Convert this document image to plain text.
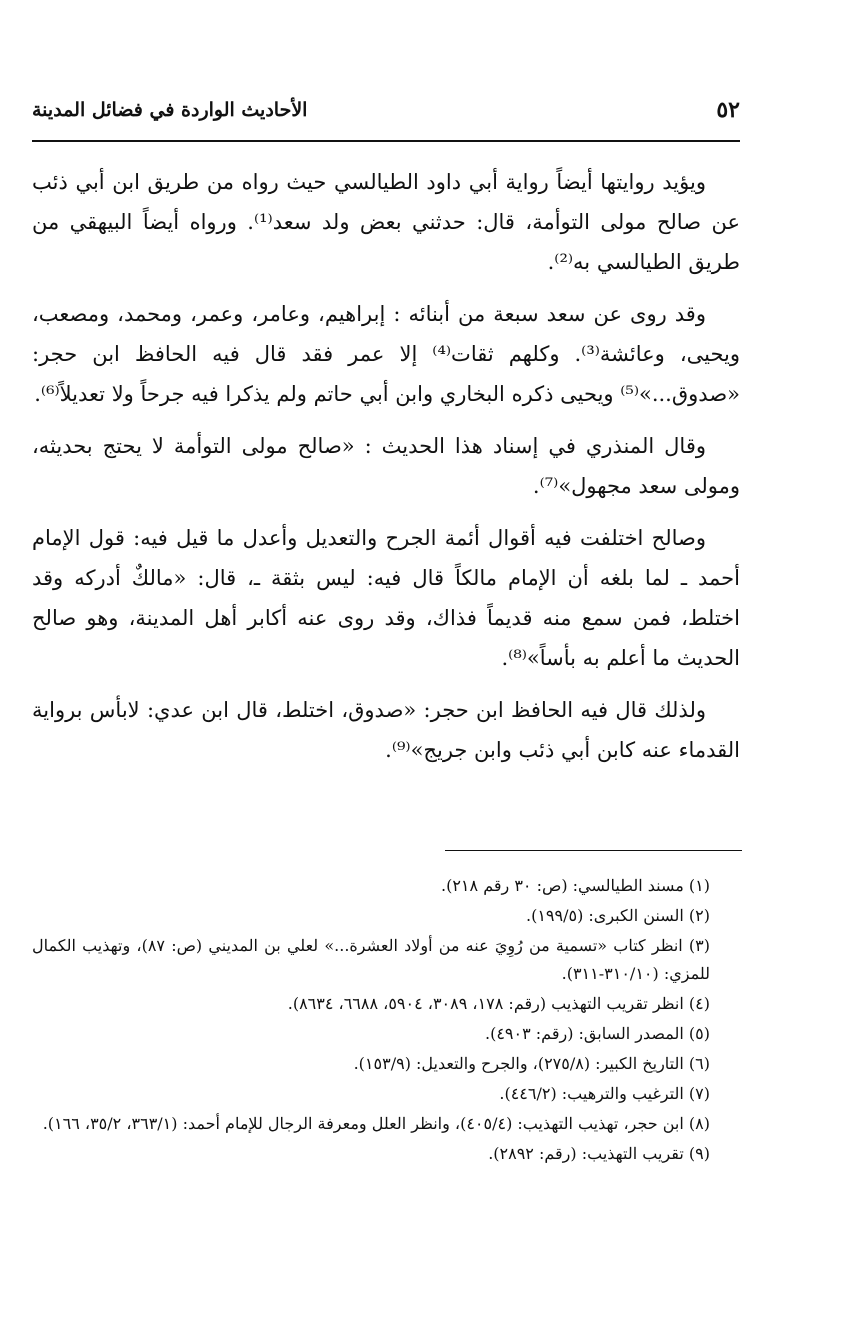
٥٢
الأحاديث الواردة في فضائل المدينة

ويؤيد روايتها أيضاً رواية أبي داود الطيالسي حيث رواه من طريق ابن أبي ذئب عن صالح مولى التوأمة، قال: حدثني بعض ولد سعد⁽¹⁾. ورواه أيضاً البيهقي من طريق الطيالسي به⁽²⁾.

وقد روى عن سعد سبعة من أبنائه : إبراهيم، وعامر، وعمر، ومحمد، ومصعب، ويحيى، وعائشة⁽³⁾. وكلهم ثقات⁽⁴⁾ إلا عمر فقد قال فيه الحافظ ابن حجر: «صدوق...»⁽⁵⁾ ويحيى ذكره البخاري وابن أبي حاتم ولم يذكرا فيه جرحاً ولا تعديلاً⁽⁶⁾.

وقال المنذري في إسناد هذا الحديث : «صالح مولى التوأمة لا يحتج بحديثه، ومولى سعد مجهول»⁽⁷⁾.

وصالح اختلفت فيه أقوال أئمة الجرح والتعديل وأعدل ما قيل فيه: قول الإمام أحمد ـ لما بلغه أن الإمام مالكاً قال فيه: ليس بثقة ـ، قال: «مالكٌ أدركه وقد اختلط، فمن سمع منه قديماً فذاك، وقد روى عنه أكابر أهل المدينة، وهو صالح الحديث ما أعلم به بأساً»⁽⁸⁾.

ولذلك قال فيه الحافظ ابن حجر: «صدوق، اختلط، قال ابن عدي: لابأس برواية القدماء عنه كابن أبي ذئب وابن جريج»⁽⁹⁾.

(١) مسند الطيالسي: (ص: ٣٠ رقم ٢١٨).
(٢) السنن الكبرى: (١٩٩/٥).
(٣) انظر كتاب «تسمية من رُوِيَ عنه من أولاد العشرة...» لعلي بن المديني (ص: ٨٧)، وتهذيب الكمال للمزي: (٣١٠/١٠-٣١١).
(٤) انظر تقريب التهذيب (رقم: ١٧٨، ٣٠٨٩، ٥٩٠٤، ٦٦٨٨، ٨٦٣٤).
(٥) المصدر السابق: (رقم: ٤٩٠٣).
(٦) التاريخ الكبير: (٢٧٥/٨)، والجرح والتعديل: (١٥٣/٩).
(٧) الترغيب والترهيب: (٤٤٦/٢).
(٨) ابن حجر، تهذيب التهذيب: (٤٠٥/٤)، وانظر العلل ومعرفة الرجال للإمام أحمد: (٣٦٣/١، ٣٥/٢، ١٦٦).
(٩) تقريب التهذيب: (رقم: ٢٨٩٢).
